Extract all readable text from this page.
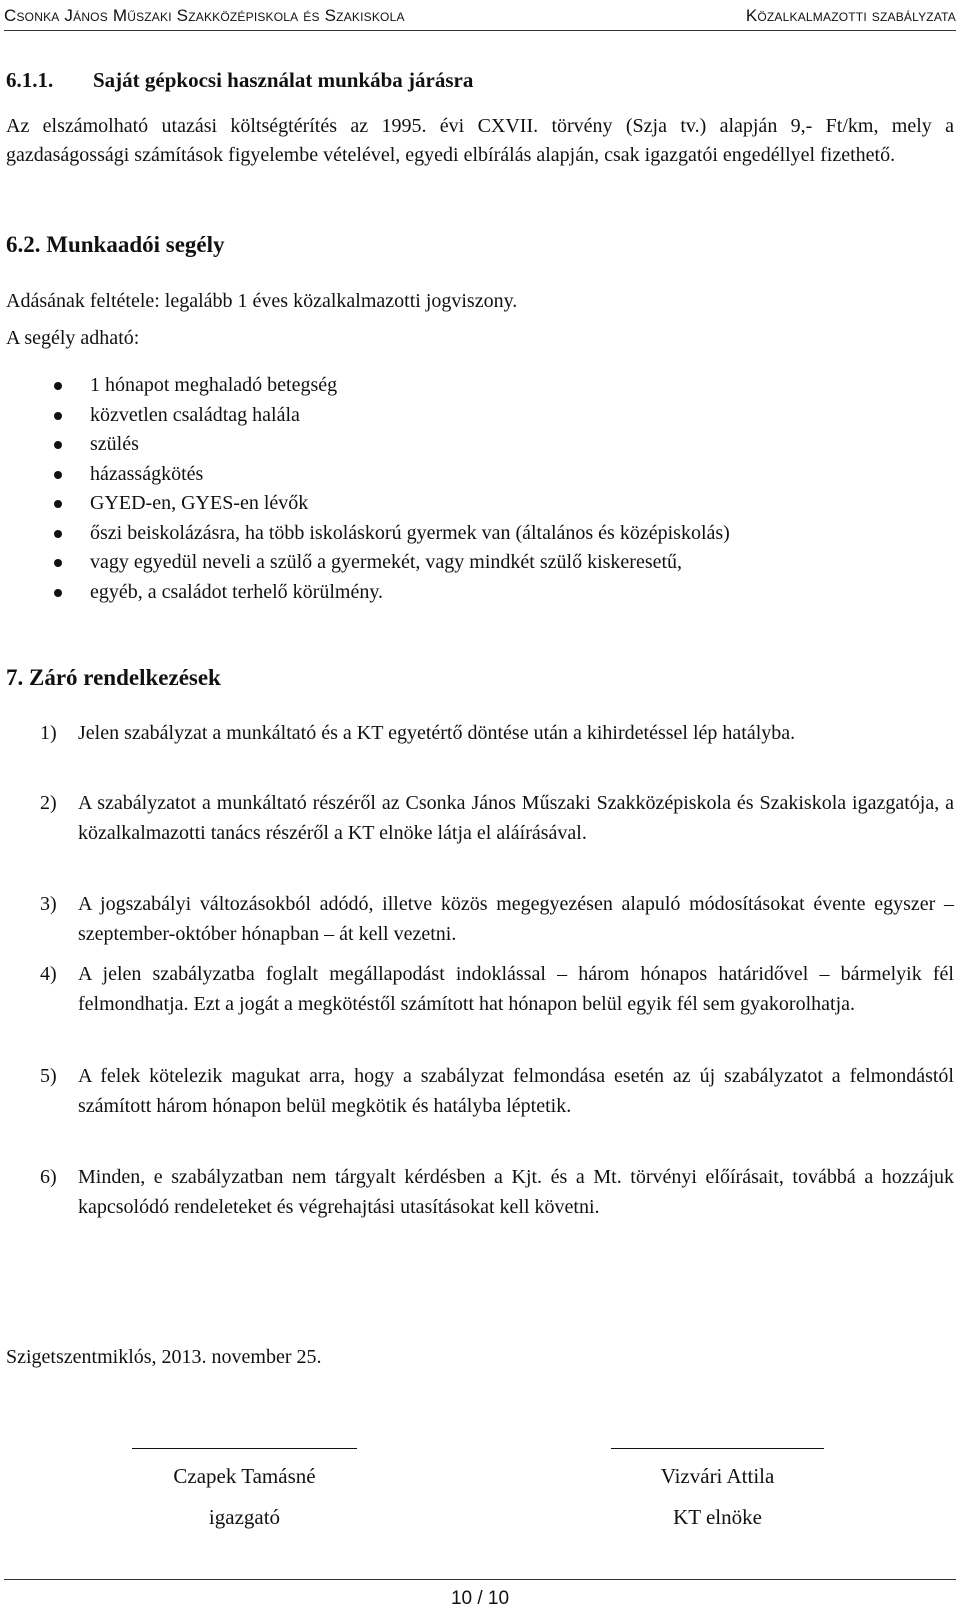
Csonka János Műszaki Szakközépiskola és Szakiskola	Közalkalmazotti szabályzata
6.1.1. Saját gépkocsi használat munkába járásra
Az elszámolható utazási költségtérítés az 1995. évi CXVII. törvény (Szja tv.) alapján 9,- Ft/km, mely a gazdaságossági számítások figyelembe vételével, egyedi elbírálás alapján, csak igazgatói engedéllyel fizethető.
6.2. Munkaadói segély
Adásának feltétele: legalább 1 éves közalkalmazotti jogviszony.
A segély adható:
1 hónapot meghaladó betegség
közvetlen családtag halála
szülés
házasságkötés
GYED-en, GYES-en lévők
őszi beiskolázásra, ha több iskoláskorú gyermek van (általános és középiskolás)
vagy egyedül neveli a szülő a gyermekét, vagy mindkét szülő kiskeresetű,
egyéb, a családot terhelő körülmény.
7. Záró rendelkezések
1) Jelen szabályzat a munkáltató és a KT egyetértő döntése után a kihirdetéssel lép hatályba.
2) A szabályzatot a munkáltató részéről az Csonka János Műszaki Szakközépiskola és Szakiskola igazgatója, a közalkalmazotti tanács részéről a KT elnöke látja el aláírásával.
3) A jogszabályi változásokból adódó, illetve közös megegyezésen alapuló módosításokat évente egyszer – szeptember-október hónapban – át kell vezetni.
4) A jelen szabályzatba foglalt megállapodást indoklással – három hónapos határidővel – bármelyik fél felmondhatja. Ezt a jogát a megkötéstől számított hat hónapon belül egyik fél sem gyakorolhatja.
5) A felek kötelezik magukat arra, hogy a szabályzat felmondása esetén az új szabályzatot a felmondástól számított három hónapon belül megkötik és hatályba léptetik.
6) Minden, e szabályzatban nem tárgyalt kérdésben a Kjt. és a Mt. törvényi előírásait, továbbá a hozzájuk kapcsolódó rendeleteket és végrehajtási utasításokat kell követni.
Szigetszentmiklós, 2013. november 25.
Czapek Tamásné
igazgató
Vizvári Attila
KT elnöke
10 / 10
